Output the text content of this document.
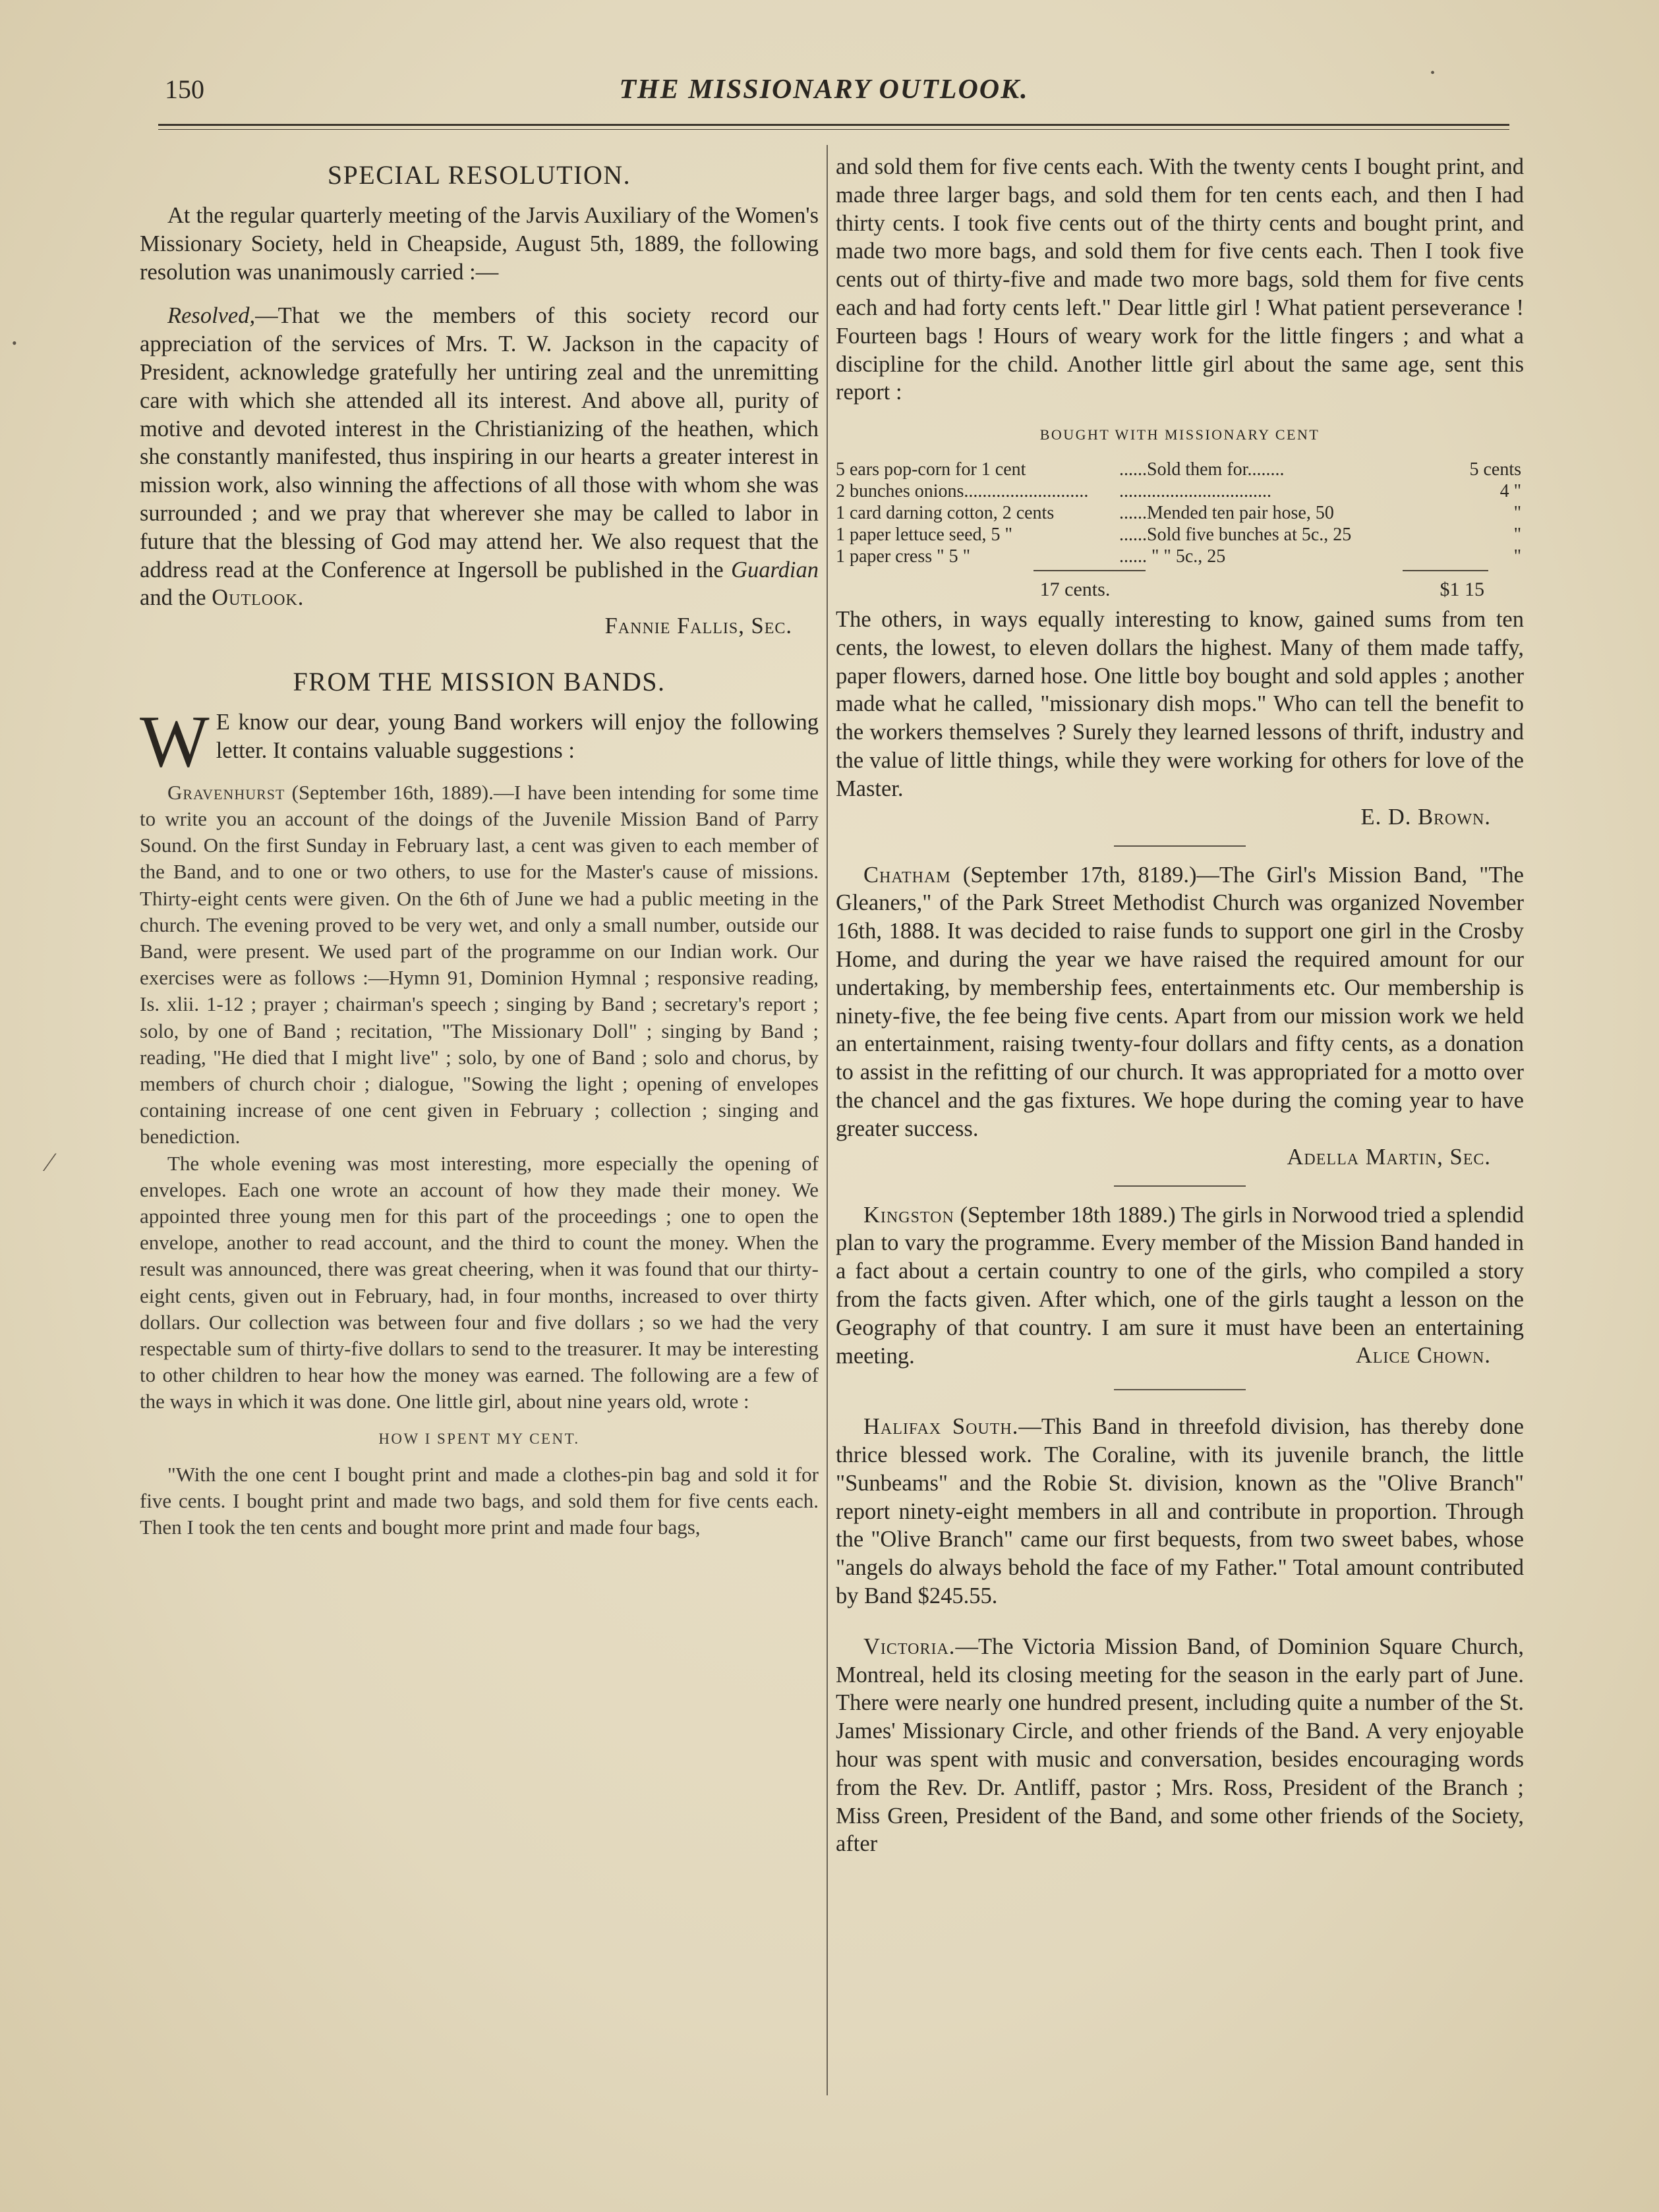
150	THE MISSIONARY OUTLOOK.
SPECIAL RESOLUTION.

At the regular quarterly meeting of the Jarvis Auxiliary of the Women's Missionary Society, held in Cheapside, August 5th, 1889, the following resolution was unanimously carried :—

Resolved,—That we the members of this society record our appreciation of the services of Mrs. T. W. Jackson in the capacity of President, acknowledge gratefully her untiring zeal and the unremitting care with which she attended all its interest. And above all, purity of motive and devoted interest in the Christianizing of the heathen, which she constantly manifested, thus inspiring in our hearts a greater interest in mission work, also winning the affections of all those with whom she was surrounded ; and we pray that wherever she may be called to labor in future that the blessing of God may attend her. We also request that the address read at the Conference at Ingersoll be published in the Guardian and the Outlook.

Fannie Fallis, Sec.
FROM THE MISSION BANDS.

W E know our dear, young Band workers will enjoy the following letter. It contains valuable suggestions :

Gravenhurst (September 16th, 1889).—I have been intending for some time to write you an account of the doings of the Juvenile Mission Band of Parry Sound. On the first Sunday in February last, a cent was given to each member of the Band, and to one or two others, to use for the Master's cause of missions. Thirty-eight cents were given. On the 6th of June we had a public meeting in the church. The evening proved to be very wet, and only a small number, outside our Band, were present. We used part of the programme on our Indian work. Our exercises were as follows :—Hymn 91, Dominion Hymnal ; responsive reading, Is. xlii. 1-12 ; prayer ; chairman's speech ; singing by Band ; secretary's report ; solo, by one of Band ; recitation, "The Missionary Doll" ; singing by Band ; reading, "He died that I might live" ; solo, by one of Band ; solo and chorus, by members of church choir ; dialogue, "Sowing the light ; opening of envelopes containing increase of one cent given in February ; collection ; singing and benediction.

The whole evening was most interesting, more especially the opening of envelopes. Each one wrote an account of how they made their money. We appointed three young men for this part of the proceedings ; one to open the envelope, another to read account, and the third to count the money. When the result was announced, there was great cheering, when it was found that our thirty-eight cents, given out in February, had, in four months, increased to over thirty dollars. Our collection was between four and five dollars ; so we had the very respectable sum of thirty-five dollars to send to the treasurer. It may be interesting to other children to hear how the money was earned. The following are a few of the ways in which it was done. One little girl, about nine years old, wrote :

HOW I SPENT MY CENT.

"With the one cent I bought print and made a clothes-pin bag and sold it for five cents. I bought print and made two bags, and sold them for five cents each. Then I took the ten cents and bought more print and made four bags,

and sold them for five cents each. With the twenty cents I bought print, and made three larger bags, and sold them for ten cents each, and then I had thirty cents. I took five cents out of the thirty cents and bought print, and made two more bags, and sold them for five cents each. Then I took five cents out of thirty-five and made two more bags, sold them for five cents each and had forty cents left." Dear little girl ! What patient perseverance ! Fourteen bags ! Hours of weary work for the little fingers ; and what a discipline for the child. Another little girl about the same age, sent this report :

BOUGHT WITH MISSIONARY CENT
5 ears pop-corn for 1 cent	......Sold them for........	5 cents
2 bunches onions...........................	.................................	4 "
1 card darning cotton, 2 cents	......Mended ten pair hose, 50	"
1 paper lettuce seed, 5 "	......Sold five bunches at 5c., 25	"
1 paper cress " 5 "	...... " " 5c., 25	"
17 cents.	$1 15

The others, in ways equally interesting to know, gained sums from ten cents, the lowest, to eleven dollars the highest. Many of them made taffy, paper flowers, darned hose. One little boy bought and sold apples ; another made what he called, "missionary dish mops." Who can tell the benefit to the workers themselves ? Surely they learned lessons of thrift, industry and the value of little things, while they were working for others for love of the Master.

E. D. Brown.

Chatham (September 17th, 8189.)—The Girl's Mission Band, "The Gleaners," of the Park Street Methodist Church was organized November 16th, 1888. It was decided to raise funds to support one girl in the Crosby Home, and during the year we have raised the required amount for our undertaking, by membership fees, entertainments etc. Our membership is ninety-five, the fee being five cents. Apart from our mission work we held an entertainment, raising twenty-four dollars and fifty cents, as a donation to assist in the refitting of our church. It was appropriated for a motto over the chancel and the gas fixtures. We hope during the coming year to have greater success.

Adella Martin, Sec.

Kingston (September 18th 1889.) The girls in Norwood tried a splendid plan to vary the programme. Every member of the Mission Band handed in a fact about a certain country to one of the girls, who compiled a story from the facts given. After which, one of the girls taught a lesson on the Geography of that country. I am sure it must have been an entertaining meeting.	Alice Chown.

Halifax South.—This Band in threefold division, has thereby done thrice blessed work. The Coraline, with its juvenile branch, the little "Sunbeams" and the Robie St. division, known as the "Olive Branch" report ninety-eight members in all and contribute in proportion. Through the "Olive Branch" came our first bequests, from two sweet babes, whose "angels do always behold the face of my Father." Total amount contributed by Band $245.55.

Victoria.—The Victoria Mission Band, of Dominion Square Church, Montreal, held its closing meeting for the season in the early part of June. There were nearly one hundred present, including quite a number of the St. James' Missionary Circle, and other friends of the Band. A very enjoyable hour was spent with music and conversation, besides encouraging words from the Rev. Dr. Antliff, pastor ; Mrs. Ross, President of the Branch ; Miss Green, President of the Band, and some other friends of the Society, after

•
•
⁄
